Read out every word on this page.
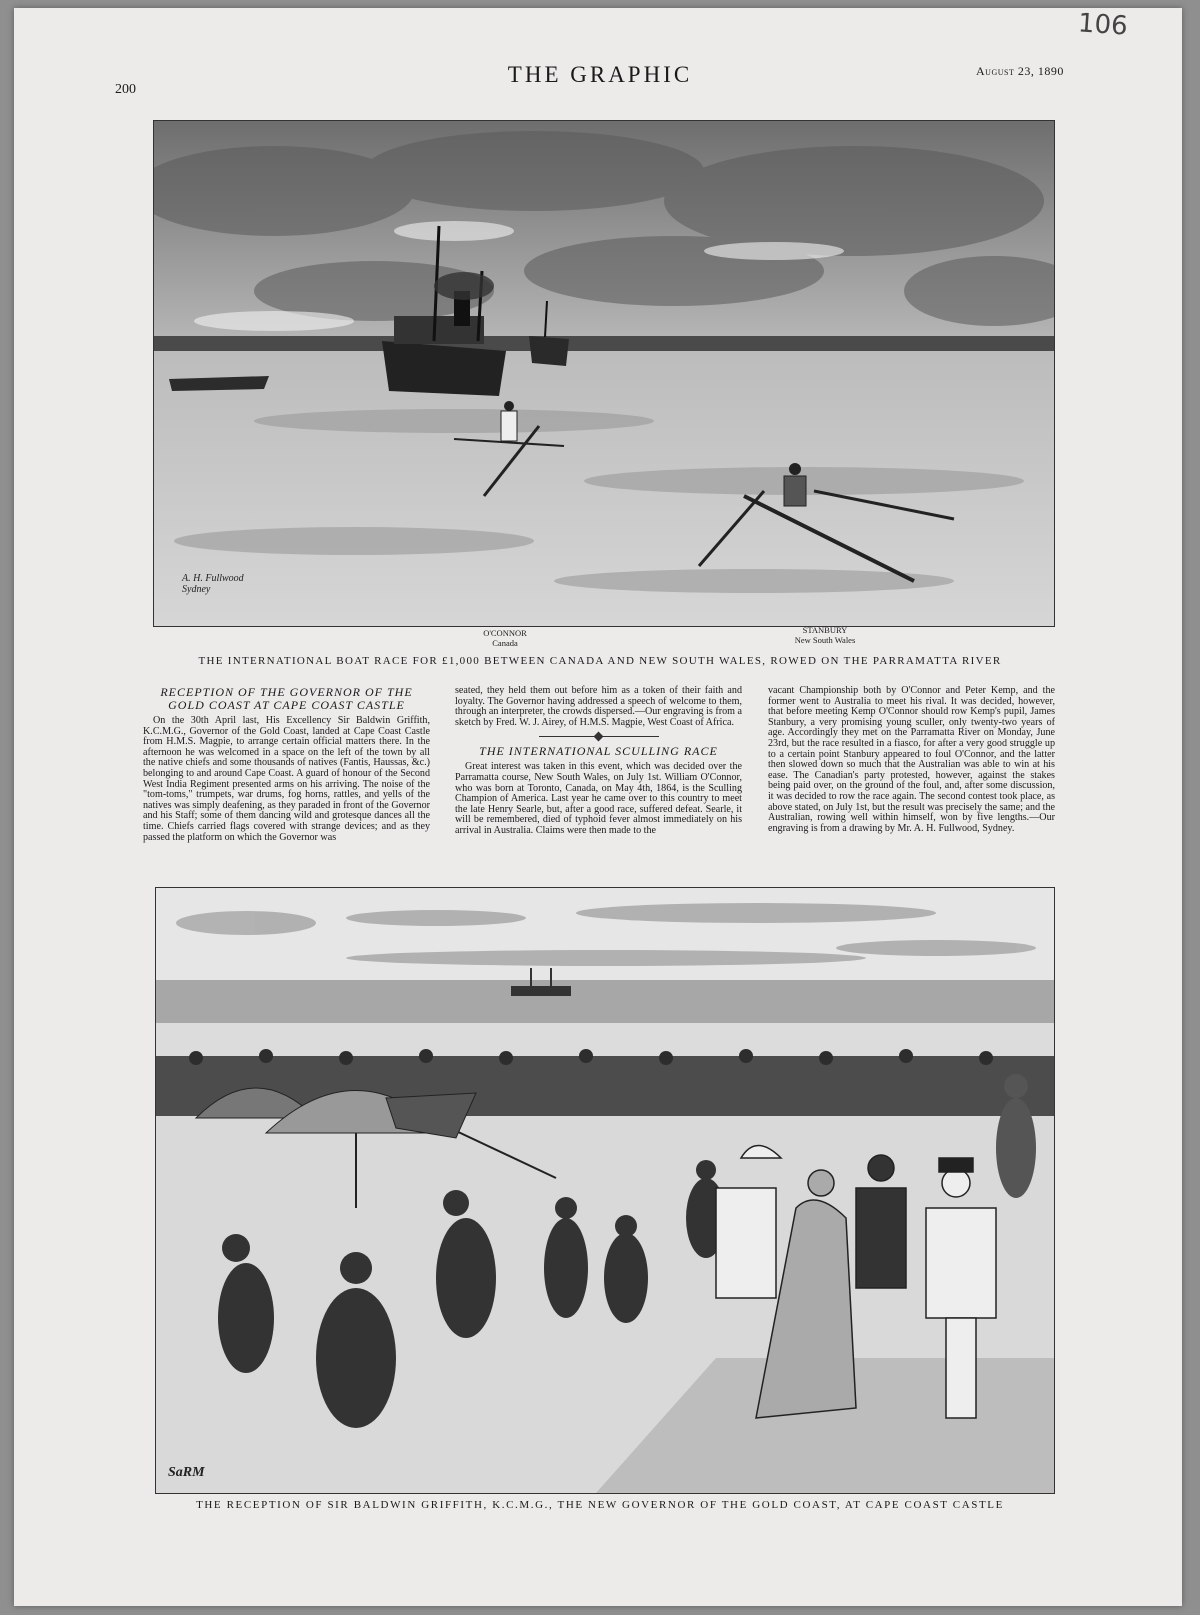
106
200
THE GRAPHIC	August 23, 1890
A. H. Fullwood Sydney
O'CONNOR
Canada
STANBURY
New South Wales
THE INTERNATIONAL BOAT RACE FOR £1,000 BETWEEN CANADA AND NEW SOUTH WALES, ROWED ON THE PARRAMATTA RIVER
RECEPTION OF THE GOVERNOR OF THE
GOLD COAST AT CAPE COAST CASTLE

On the 30th April last, His Excellency Sir Baldwin Griffith, K.C.M.G., Governor of the Gold Coast, landed at Cape Coast Castle from H.M.S. Magpie, to arrange certain official matters there. In the afternoon he was welcomed in a space on the left of the town by all the native chiefs and some thousands of natives (Fantis, Haussas, &c.) belonging to and around Cape Coast. A guard of honour of the Second West India Regiment presented arms on his arriving. The noise of the "tom-toms," trumpets, war drums, fog horns, rattles, and yells of the natives was simply deafening, as they paraded in front of the Governor and his Staff; some of them dancing wild and grotesque dances all the time. Chiefs carried flags covered with strange devices; and as they passed the platform on which the Governor was

seated, they held them out before him as a token of their faith and loyalty. The Governor having addressed a speech of welcome to them, through an interpreter, the crowds dispersed.—Our engraving is from a sketch by Fred. W. J. Airey, of H.M.S. Magpie, West Coast of Africa.

THE INTERNATIONAL SCULLING RACE

Great interest was taken in this event, which was decided over the Parramatta course, New South Wales, on July 1st. William O'Connor, who was born at Toronto, Canada, on May 4th, 1864, is the Sculling Champion of America. Last year he came over to this country to meet the late Henry Searle, but, after a good race, suffered defeat. Searle, it will be remembered, died of typhoid fever almost immediately on his arrival in Australia. Claims were then made to the

vacant Championship both by O'Connor and Peter Kemp, and the former went to Australia to meet his rival. It was decided, however, that before meeting Kemp O'Connor should row Kemp's pupil, James Stanbury, a very promising young sculler, only twenty-two years of age. Accordingly they met on the Parramatta River on Monday, June 23rd, but the race resulted in a fiasco, for after a very good struggle up to a certain point Stanbury appeared to foul O'Connor, and the latter then slowed down so much that the Australian was able to win at his ease. The Canadian's party protested, however, against the stakes being paid over, on the ground of the foul, and, after some discussion, it was decided to row the race again. The second contest took place, as above stated, on July 1st, but the result was precisely the same; and the Australian, rowing well within himself, won by five lengths.—Our engraving is from a drawing by Mr. A. H. Fullwood, Sydney.

SaRM
THE RECEPTION OF SIR BALDWIN GRIFFITH, K.C.M.G., THE NEW GOVERNOR OF THE GOLD COAST, AT CAPE COAST CASTLE
